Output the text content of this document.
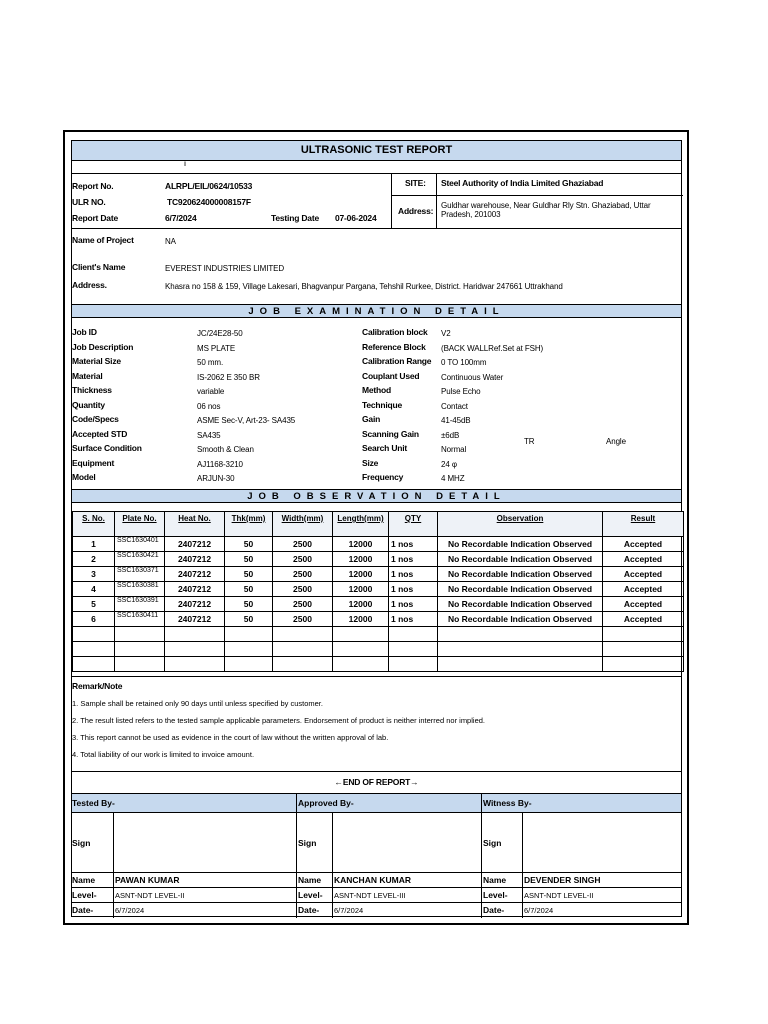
ULTRASONIC TEST REPORT
ǁ
Report No.	ALRPL/EIL/0624/10533
ULR NO.	TC920624000008157F
Report Date	6/7/2024	Testing Date 07-06-2024
SITE: Steel Authority of India Limited Ghaziabad
Address:
Guldhar warehouse, Near Guldhar Rly Stn. Ghaziabad, Uttar
Pradesh, 201003
Name of Project	NA
Client's Name	EVEREST INDUSTRIES LIMITED
Address.	Khasra no 158 & 159, Village Lakesari, Bhagvanpur Pargana, Tehshil Rurkee, District. Haridwar 247661 Uttrakhand
JOB EXAMINATION DETAIL
Job ID	JC/24E28-50
Job Description	MS PLATE
Material Size	50 mm.
Material	IS-2062 E 350 BR
Thickness	variable
Quantity	06 nos
Code/Specs	ASME Sec-V, Art-23- SA435
Accepted STD	SA435
Surface Condition	Smooth & Clean
Equipment	AJ1168-3210
Model	ARJUN-30
Calibration block V2
Reference Block (BACK WALLRef.Set at FSH)
Calibration Range 0 TO 100mm
Couplant Used	Continuous Water
Method	Pulse Echo
Technique	Contact
Gain	41-45dB
Scanning Gain	±6dB
Search Unit	Normal
Size	24 φ
Frequency	4 MHZ
TR	Angle
JOB OBSERVATION DETAIL
S. No.	Plate No.	Heat No.	Thk(mm)	Width(mm)	Length(mm)	QTY	Observation	Result
1	SSC1630401	2407212	50	2500	12000	1 nos	No Recordable Indication Observed	Accepted
2	SSC1630421	2407212	50	2500	12000	1 nos	No Recordable Indication Observed	Accepted
3	SSC1630371	2407212	50	2500	12000	1 nos	No Recordable Indication Observed	Accepted
4	SSC1630381	2407212	50	2500	12000	1 nos	No Recordable Indication Observed	Accepted
5	SSC1630391	2407212	50	2500	12000	1 nos	No Recordable Indication Observed	Accepted
6	SSC1630411	2407212	50	2500	12000	1 nos	No Recordable Indication Observed	Accepted

Remark/Note
1. Sample shall be retained only 90 days until unless specified by customer.
2. The result listed refers to the tested sample applicable parameters. Endorsement of product is neither interred nor implied.
3. This report cannot be used as evidence in the court of law without the written approval of lab.
4. Total liability of our work is limited to invoice amount.
←END OF REPORT→
Tested By-	Approved By-	Witness By-
Sign	Sign	Sign
Name PAWAN KUMAR	Name KANCHAN KUMAR	Name DEVENDER SINGH
Level- ASNT-NDT LEVEL-II	Level- ASNT-NDT LEVEL-III	Level- ASNT-NDT LEVEL-II
Date-	6/7/2024	Date- 6/7/2024	Date-	6/7/2024
